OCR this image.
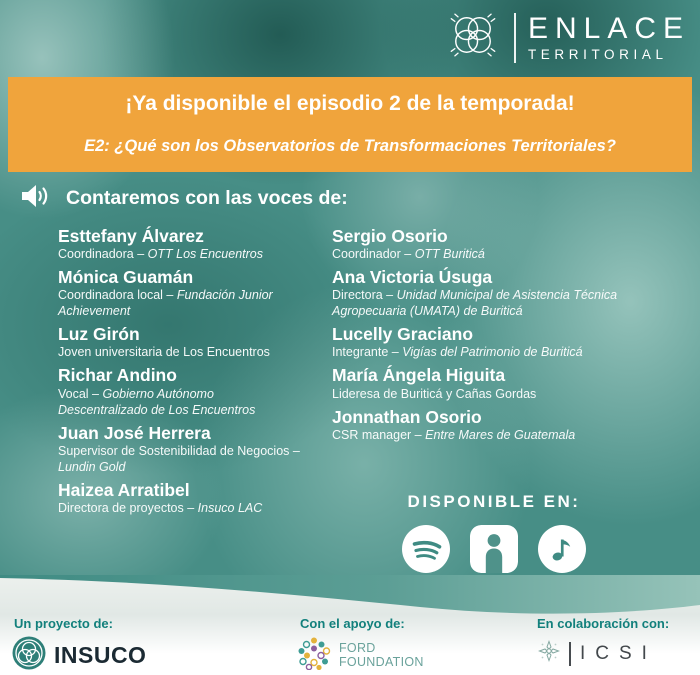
ENLACE
TERRITORIAL
¡Ya disponible el episodio 2 de la temporada!
E2: ¿Qué son los Observatorios de Transformaciones Territoriales?
Contaremos con las voces de:
Esttefany Álvarez
Coordinadora – OTT Los Encuentros
Mónica Guamán
Coordinadora local – Fundación Junior Achievement
Luz Girón
Joven universitaria de Los Encuentros
Richar Andino
Vocal – Gobierno Autónomo Descentralizado de Los Encuentros
Juan José Herrera
Supervisor de Sostenibilidad de Negocios – Lundin Gold
Haizea Arratibel
Directora de proyectos – Insuco LAC
Sergio Osorio
Coordinador – OTT Buriticá
Ana Victoria Úsuga
Directora – Unidad Municipal de Asistencia Técnica Agropecuaria (UMATA) de Buriticá
Lucelly Graciano
Integrante – Vigías del Patrimonio de Buriticá
María Ángela Higuita
Lideresa de Buriticá y Cañas Gordas
Jonnathan Osorio
CSR manager – Entre Mares de Guatemala
DISPONIBLE EN:
Un proyecto de:	Con el apoyo de:	En colaboración con:
INSUCO	FORD
FOUNDATION	ICSI
